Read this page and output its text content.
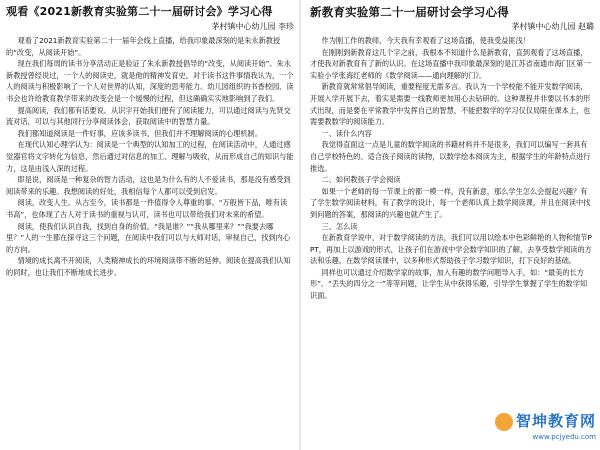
观看《2021新教育实验第二十一届研讨会》学习心得
茅村镇中心幼儿园 李珍

观看了2021新教育实验第二十一届年会线上直播，给我印象最深刻的是朱永新教授的“改变，从阅读开始”。

现在我们每周的读书分享活动正是验证了朱永新教授倡导的“改变，从阅读开始”。朱永新教授曾经说过，一个人的阅读史，就是他的精神发育史，对于读书这件事情我认为，一个人的阅读与积极影响了一个人对世界的认知，深度的思考能力。幼儿园组织的书香校园、读书会也许给教育教学带来的改变会是一个缓慢的过程，但这确确实实地影响到了我们。

提高阅读，我们都有话要说。从识字开始我们便有了阅读能力，可以通过阅读与先贤交流对话，可以与其他同行分享阅读体会，获取阅读中的智慧力量。

我们都知道阅读是一件好事，应该多读书，但我们并不理解阅读的心理机制。

在现代认知心理学认为：阅读是一个典型的认知加工的过程，在阅读活动中，人通过感觉器官将文字转化为信息，然后通过对信息的加工、理解与吸收，从而形成自己的知识与能力，这是由浅入深的过程。

即是说，阅读是一种复杂的智力活动，这也是为什么有的人不爱读书，那是没有感受到阅读带来的乐趣。我想阅读的好处，我相信每个人都可以受到启发。

阅读，改变人生。从古至今，读书都是一件值得令人尊重的事。“万般皆下品，唯有读书高”，也体现了古人对于读书的重视与认可，读书也可以带给我们对未来的希望。

阅读，使我们认识自我，找到自身的价值。“我是谁？”“我从哪里来？”“我要去哪里？”人的一生都在探寻这三个问题，在阅读中我们可以与大师对话，审视自己，找到内心的方向。

情境的成长离不开阅读，人类精神成长的环境阅读带不断的延伸。阅读在提高我们认知的同时，也让我们不断地成长进步。

新教育实验第二十一届研讨会学习心得
茅村镇中心幼儿园 赵璐

作为刚工作的教师，今天我有幸观看了这场直播，使我受益匪浅！

在刚刚到新教育这几个字之前，我根本不知道什么是新教育，直到观看了这场直播，才使我对新教育有了新的认识。在这场直播中我印象最深刻的是江苏省南通市海门区第一实验小学张海红老师的《数学阅读——通向理解的门》。

新教育就常常倡导阅读，重要程度无需多言。我认为一个学校能不能开发数学阅读，开展入学开展下去，着实是需要一线教师更加用心去钻研的。这种课程并非要以书本的形式出现，而是要在平常教学中发挥自己的智慧，不能把数学的学习仅仅局限在课本上，也需要教数学的阅读能力。

一、读什么内容

我觉得直面这一点是儿童的数学阅读的书籍材料并不是很多，我们可以编写一套具有自己学校特色的、适合孩子阅读的读物，以数学绘本阅读为主，根据学生的年龄特点进行推选。

二、如何教孩子学会阅读

如果一个老师的每一节课上的都一模一样，没有新意，那么学生怎么会提起兴趣？有了学生数学阅读材料，有了教学的设计，每一个老师认真上数学阅读课，并且在阅读中找到问题的答案，那阅读的兴趣也就产生了。

三、怎么读

在新教育学说中，对于数学阅读的方法，我们可以用以绘本中色彩鲜艳的人物和情节PPT，再加上以游戏的形式，让孩子们在游戏中学会数学知识的了解，去享受数学阅读的方法和乐趣。在数学阅读课中，以多种形式帮助孩子学习数学知识，打下良好的基础。

同样也可以通过介绍数学家的故事，加入有趣的数学问题导入手，如：“最美的长方形”、“丢失的四分之一”等等问题，让学生从中获得乐趣，引导学生掌握了学生的数学知识面。

智坤教育网
www.pcjyedu.com
